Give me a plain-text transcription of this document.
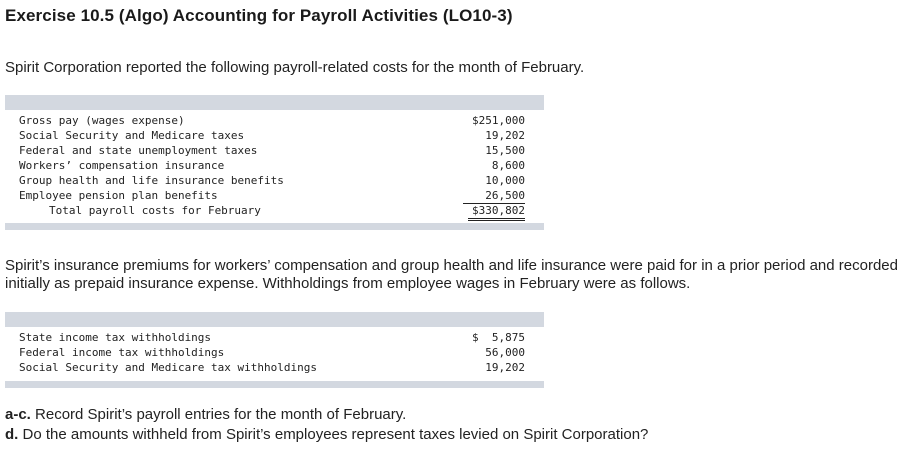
Exercise 10.5 (Algo) Accounting for Payroll Activities (LO10-3)
Spirit Corporation reported the following payroll-related costs for the month of February.
Gross pay (wages expense)	$251,000
Social Security and Medicare taxes	19,202
Federal and state unemployment taxes	15,500
Workers’ compensation insurance	8,600
Group health and life insurance benefits	10,000
Employee pension plan benefits	26,500
Total payroll costs for February	$330,802
Spirit’s insurance premiums for workers’ compensation and group health and life insurance were paid for in a prior period and recorded initially as prepaid insurance expense. Withholdings from employee wages in February were as follows.
State income tax withholdings	$  5,875
Federal income tax withholdings	56,000
Social Security and Medicare tax withholdings	19,202
a-c. Record Spirit’s payroll entries for the month of February.
d. Do the amounts withheld from Spirit’s employees represent taxes levied on Spirit Corporation?
